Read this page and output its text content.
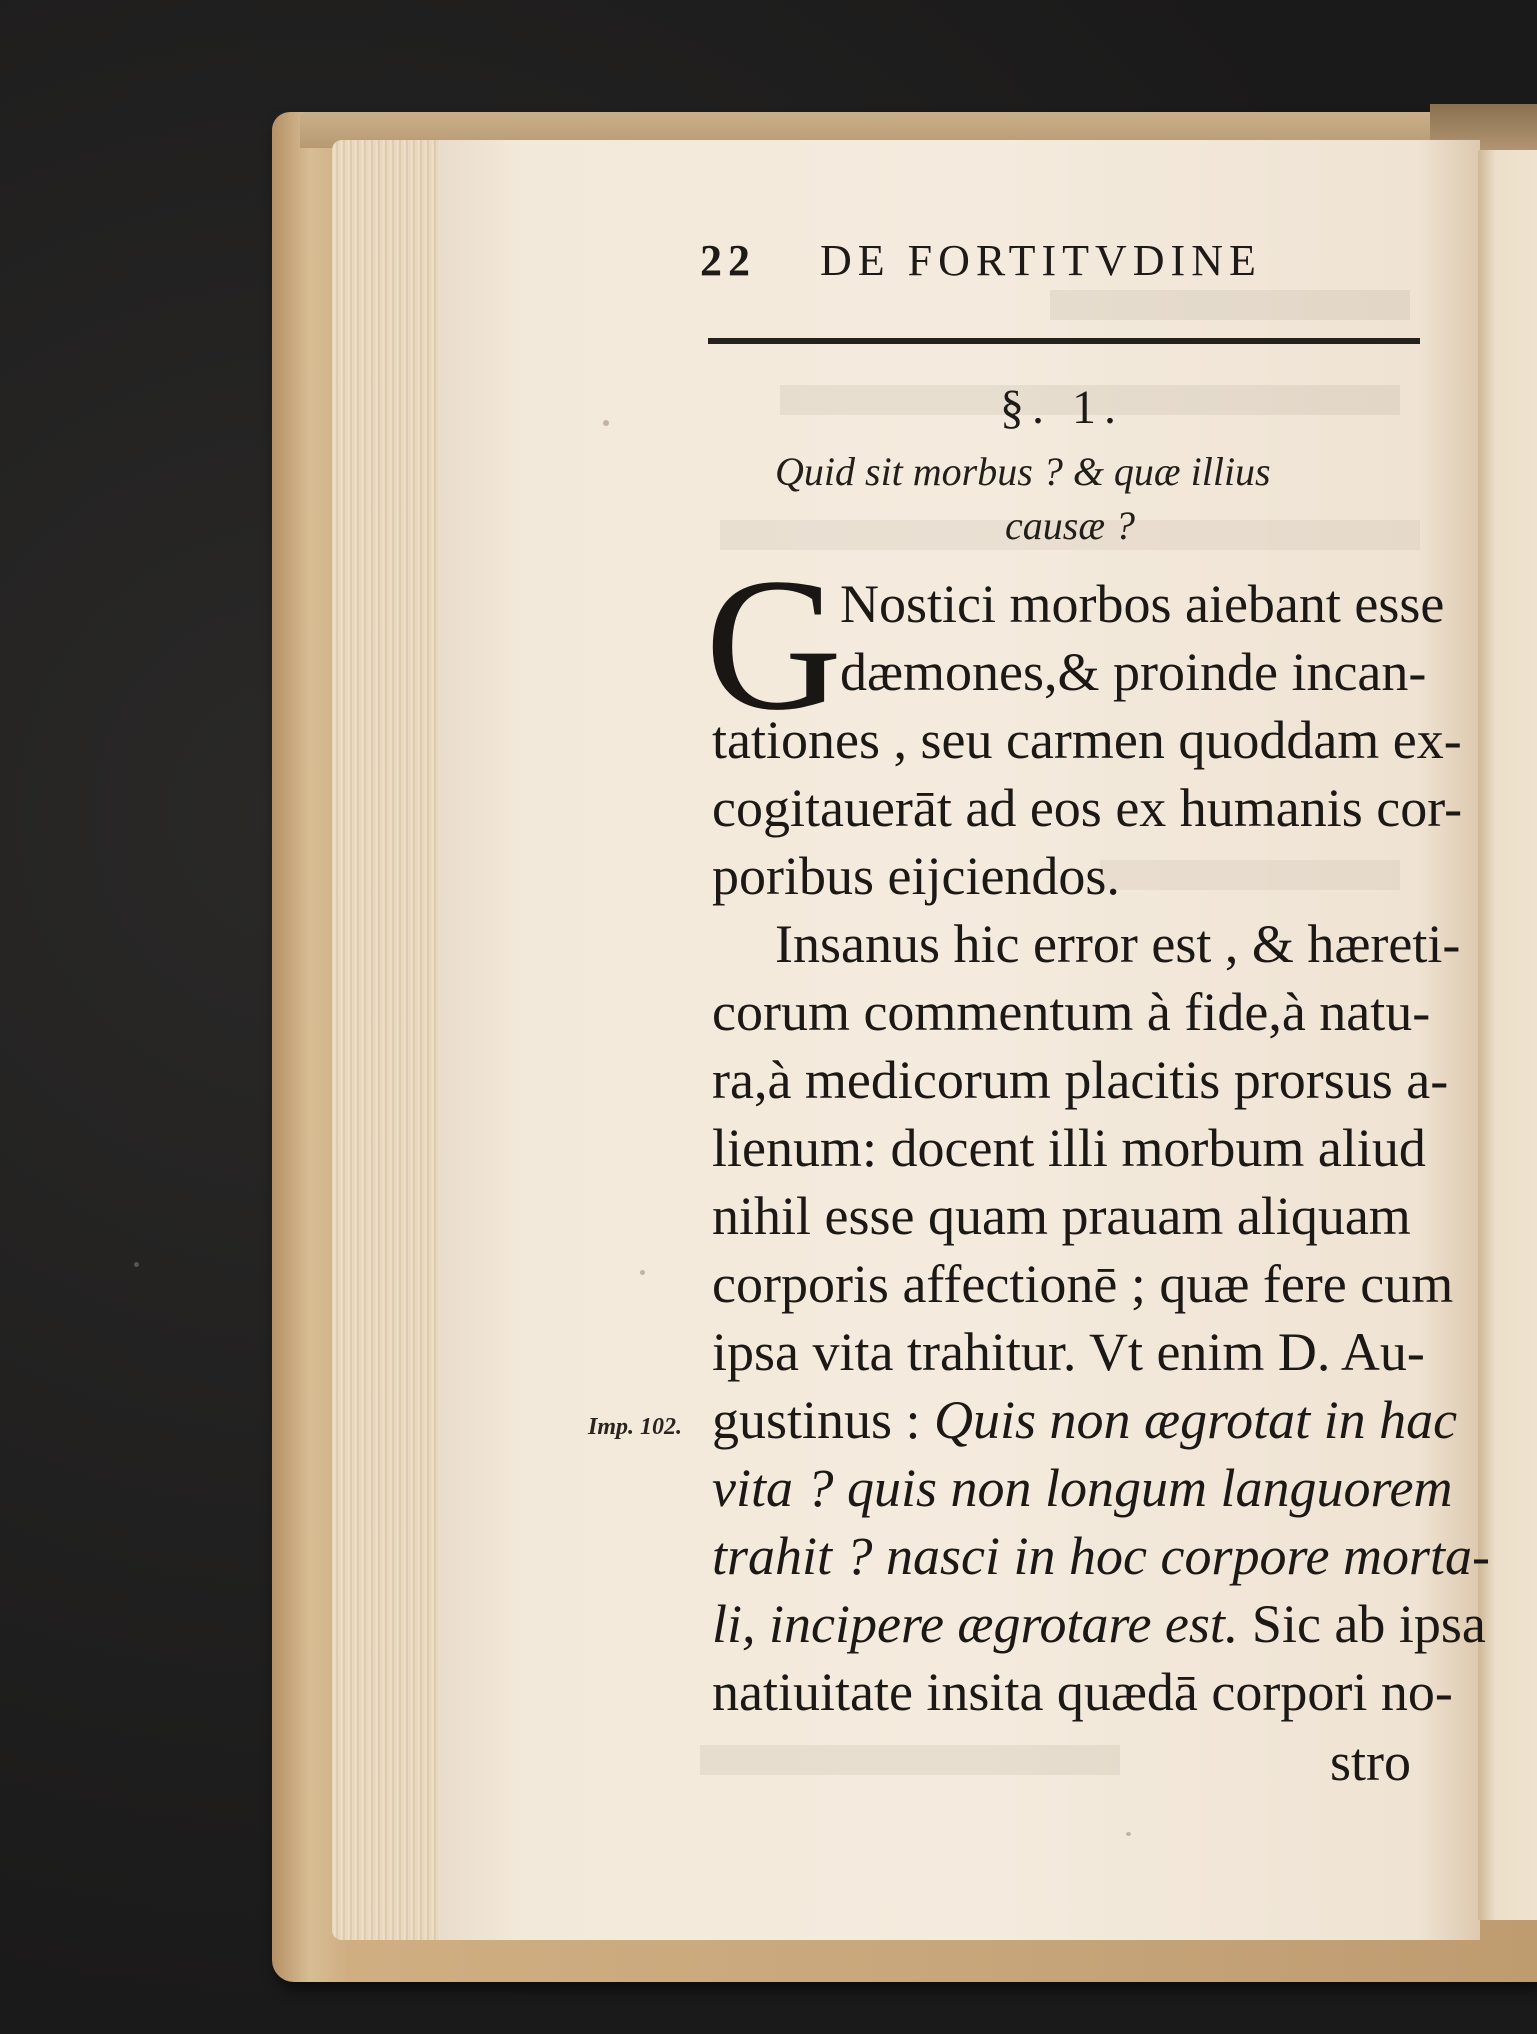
22 DE FORTITVDINE
§. 1.
Quid sit morbus ? & quæ illius
causæ ?
G
Nostici morbos aiebant esse
dæmones,& proinde incan-
tationes , seu carmen quoddam ex-
cogitauerāt ad eos ex humanis cor-
poribus eijciendos.
Insanus hic error est , & hæreti-
corum commentum à fide,à natu-
ra,à medicorum placitis prorsus a-
lienum: docent illi morbum aliud
nihil esse quam prauam aliquam
corporis affectionē ; quæ fere cum
ipsa vita trahitur. Vt enim D. Au-
Imp. 102. gustinus : Quis non ægrotat in hac
vita ? quis non longum languorem
trahit ? nasci in hoc corpore morta-
li, incipere ægrotare est. Sic ab ipsa
natiuitate insita quædā corpori no-
stro
